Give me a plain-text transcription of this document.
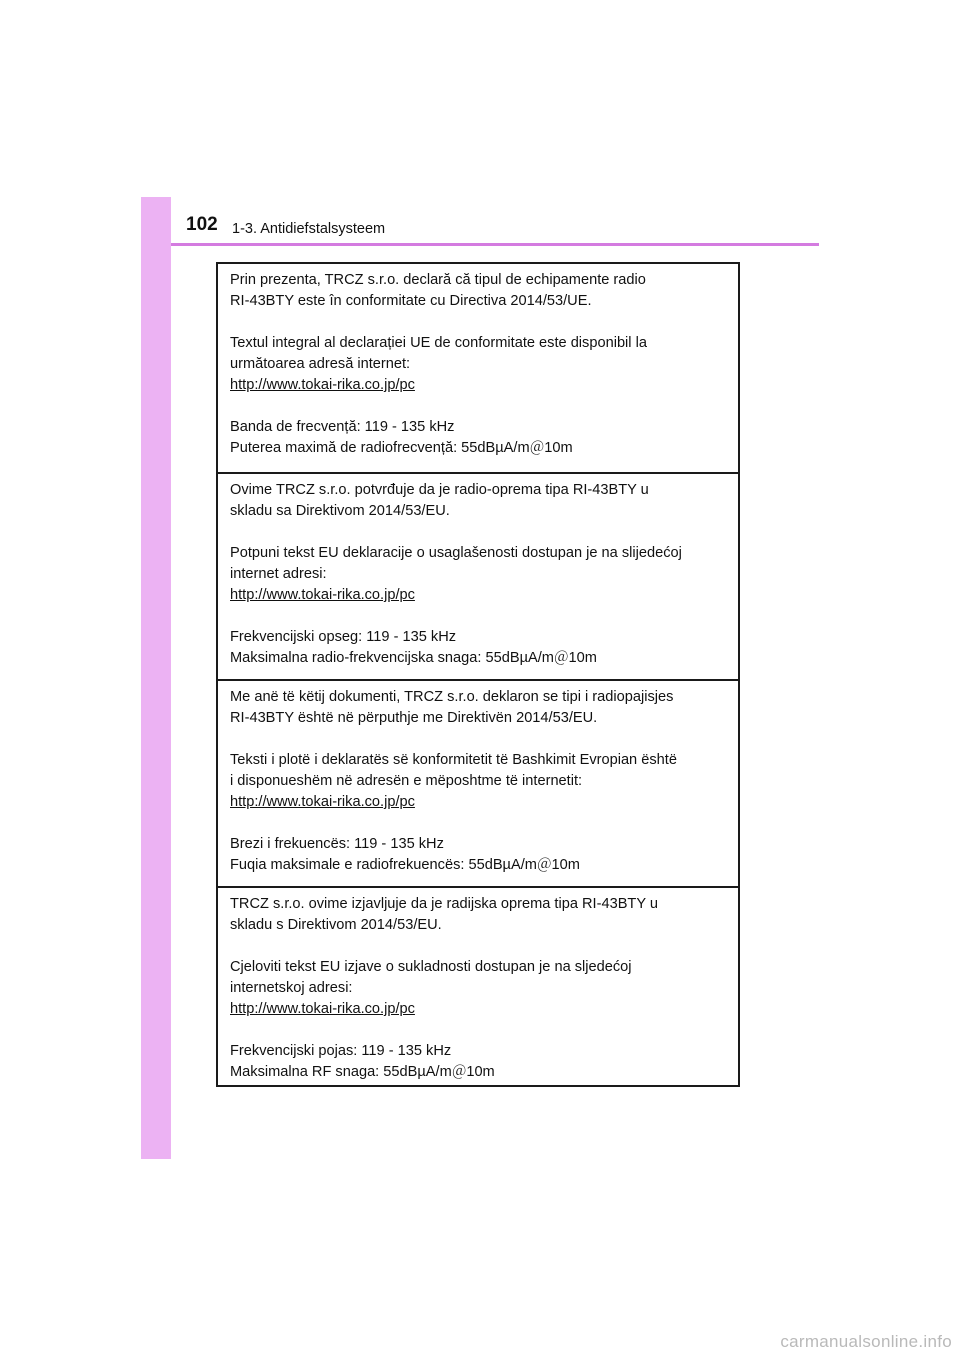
102 1-3. Antidiefstalsysteem

Prin prezenta, TRCZ s.r.o. declară că tipul de echipamente radio

RI-43BTY este în conformitate cu Directiva 2014/53/UE.

Textul integral al declarației UE de conformitate este disponibil la

următoarea adresă internet:

http://www.tokai-rika.co.jp/pc

Banda de frecvență: 119 - 135 kHz

Puterea maximă de radiofrecvență: 55dBµA/m＠10m

Ovime TRCZ s.r.o. potvrđuje da je radio-oprema tipa RI-43BTY u

skladu sa Direktivom 2014/53/EU.

Potpuni tekst EU deklaracije o usaglašenosti dostupan je na slijedećoj

internet adresi:

http://www.tokai-rika.co.jp/pc

Frekvencijski opseg: 119 - 135 kHz

Maksimalna radio-frekvencijska snaga: 55dBµA/m＠10m

Me anë të këtij dokumenti, TRCZ s.r.o. deklaron se tipi i radiopajisjes

RI-43BTY është në përputhje me Direktivën 2014/53/EU.

Teksti i plotë i deklaratës së konformitetit të Bashkimit Evropian është

i disponueshëm në adresën e mëposhtme të internetit:

http://www.tokai-rika.co.jp/pc

Brezi i frekuencës: 119 - 135 kHz

Fuqia maksimale e radiofrekuencës: 55dBµA/m＠10m

TRCZ s.r.o. ovime izjavljuje da je radijska oprema tipa RI-43BTY u

skladu s Direktivom 2014/53/EU.

Cjeloviti tekst EU izjave o sukladnosti dostupan je na sljedećoj

internetskoj adresi:

http://www.tokai-rika.co.jp/pc

Frekvencijski pojas: 119 - 135 kHz

Maksimalna RF snaga: 55dBµA/m＠10m

carmanualsonline.info
